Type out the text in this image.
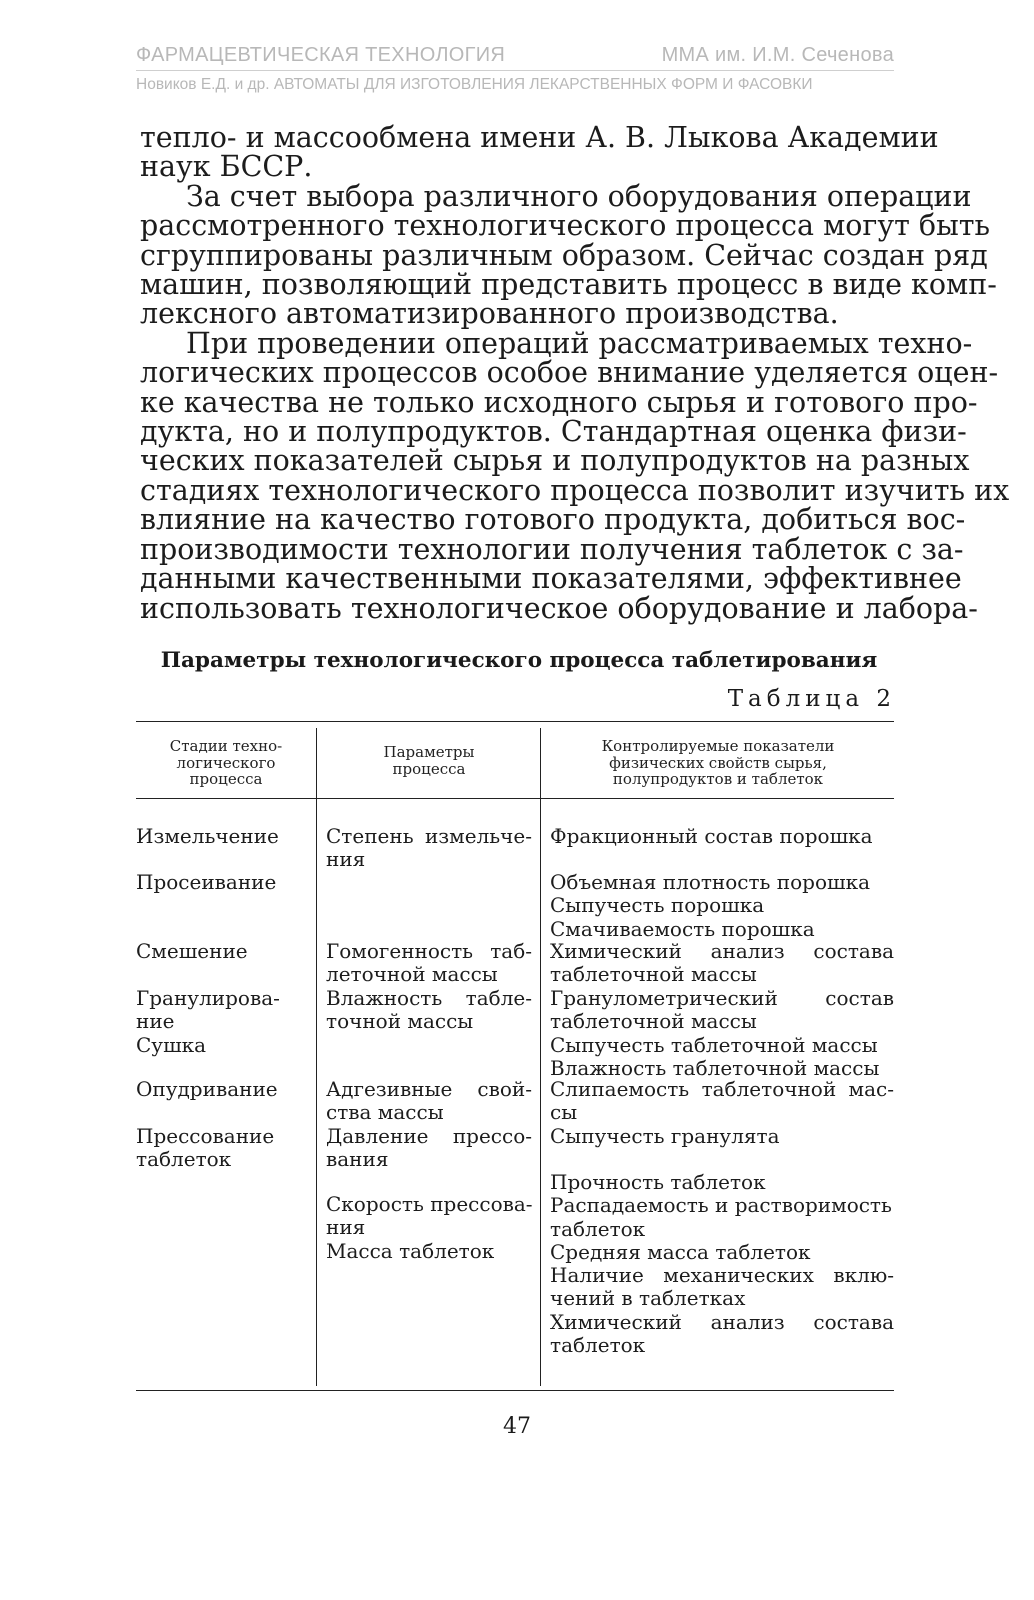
ФАРМАЦЕВТИЧЕСКАЯ ТЕХНОЛОГИЯ	ММА им. И.М. Сеченова
Новиков Е.Д. и др. АВТОМАТЫ ДЛЯ ИЗГОТОВЛЕНИЯ ЛЕКАРСТВЕННЫХ ФОРМ И ФАСОВКИ

тепло- и массообмена имени А. В. Лыкова Академии
наук БССР.

За счет выбора различного оборудования операции
рассмотренного технологического процесса могут быть
сгруппированы различным образом. Сейчас создан ряд
машин, позволяющий представить процесс в виде комп-
лексного автоматизированного производства.

При проведении операций рассматриваемых техно-
логических процессов особое внимание уделяется оцен-
ке качества не только исходного сырья и готового про-
дукта, но и полупродуктов. Стандартная оценка физи-
ческих показателей сырья и полупродуктов на разных
стадиях технологического процесса позволит изучить их
влияние на качество готового продукта, добиться вос-
производимости технологии получения таблеток с за-
данными качественными показателями, эффективнее
использовать технологическое оборудование и лабора-

Параметры технологического процесса таблетирования
Таблица 2
Стадии техно-
логического
процесса
Параметры
процесса
Контролируемые показатели
физических свойств сырья,
полупродуктов и таблеток
Измельчение
Просеивание
Смешение
Гранулирова-
ние
Сушка
Опудривание
Прессование
таблеток
Степень измельче-
ния
Гомогенность таб-
леточной массы
Влажность табле-
точной массы
Адгезивные свой-
ства массы
Давление прессо-
вания
Скорость прессова-
ния
Масса таблеток
Фракционный состав порошка
Объемная плотность порошка
Сыпучесть порошка
Смачиваемость порошка
Химический анализ состава
таблеточной массы
Гранулометрический состав
таблеточной массы
Сыпучесть таблеточной массы
Влажность таблеточной массы
Слипаемость таблеточной мас-
сы
Сыпучесть гранулята
Прочность таблеток
Распадаемость и растворимость
таблеток
Средняя масса таблеток
Наличие механических вклю-
чений в таблетках
Химический анализ состава
таблеток
47
